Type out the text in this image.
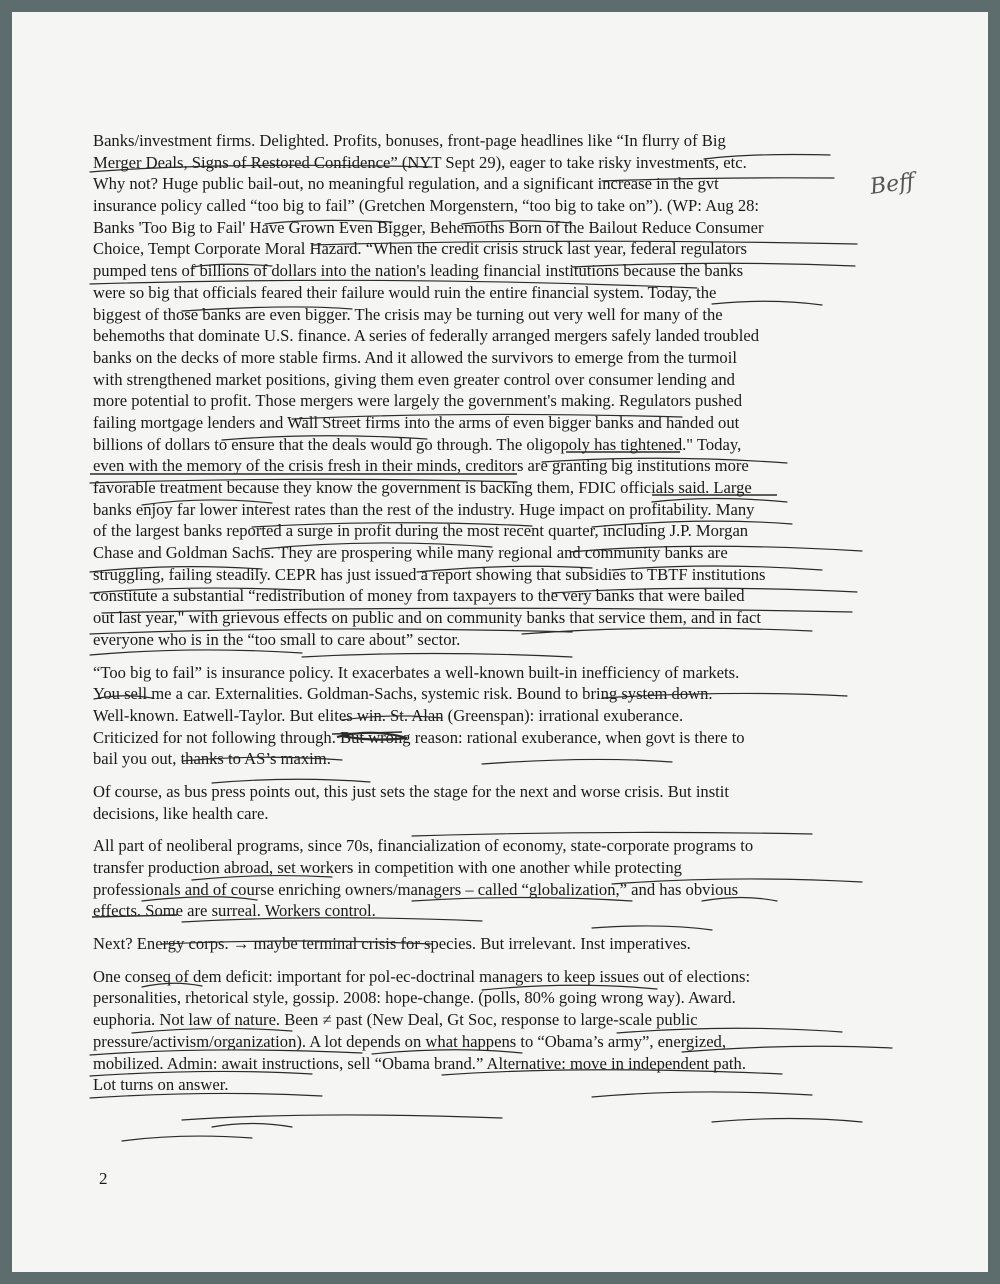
Banks/investment firms. Delighted. Profits, bonuses, front-page headlines like “In flurry of Big
Merger Deals, Signs of Restored Confidence” (NYT Sept 29), eager to take risky investments, etc.
Why not? Huge public bail-out, no meaningful regulation, and a significant increase in the gvt
insurance policy called “too big to fail” (Gretchen Morgenstern, “too big to take on”). (WP: Aug 28:
Banks 'Too Big to Fail' Have Grown Even Bigger, Behemoths Born of the Bailout Reduce Consumer
Choice, Tempt Corporate Moral Hazard. “When the credit crisis struck last year, federal regulators
pumped tens of billions of dollars into the nation's leading financial institutions because the banks
were so big that officials feared their failure would ruin the entire financial system. Today, the
biggest of those banks are even bigger. The crisis may be turning out very well for many of the
behemoths that dominate U.S. finance. A series of federally arranged mergers safely landed troubled
banks on the decks of more stable firms. And it allowed the survivors to emerge from the turmoil
with strengthened market positions, giving them even greater control over consumer lending and
more potential to profit. Those mergers were largely the government's making. Regulators pushed
failing mortgage lenders and Wall Street firms into the arms of even bigger banks and handed out
billions of dollars to ensure that the deals would go through. The oligopoly has tightened." Today,
even with the memory of the crisis fresh in their minds, creditors are granting big institutions more
favorable treatment because they know the government is backing them, FDIC officials said. Large
banks enjoy far lower interest rates than the rest of the industry. Huge impact on profitability. Many
of the largest banks reported a surge in profit during the most recent quarter, including J.P. Morgan
Chase and Goldman Sachs. They are prospering while many regional and community banks are
struggling, failing steadily. CEPR has just issued a report showing that subsidies to TBTF institutions
constitute a substantial “redistribution of money from taxpayers to the very banks that were bailed
out last year," with grievous effects on public and on community banks that service them, and in fact
everyone who is in the “too small to care about” sector.
“Too big to fail” is insurance policy. It exacerbates a well-known built-in inefficiency of markets.
You sell me a car. Externalities. Goldman-Sachs, systemic risk. Bound to bring system down.
Well-known. Eatwell-Taylor. But elites win. St. Alan (Greenspan): irrational exuberance.
Criticized for not following through. But wrong reason: rational exuberance, when govt is there to
bail you out, thanks to AS’s maxim.
Of course, as bus press points out, this just sets the stage for the next and worse crisis. But instit
decisions, like health care.
All part of neoliberal programs, since 70s, financialization of economy, state-corporate programs to
transfer production abroad, set workers in competition with one another while protecting
professionals and of course enriching owners/managers – called “globalization,” and has obvious
effects. Some are surreal. Workers control.
Next? Energy corps. → maybe terminal crisis for species. But irrelevant. Inst imperatives.
One conseq of dem deficit: important for pol-ec-doctrinal managers to keep issues out of elections:
personalities, rhetorical style, gossip. 2008: hope-change. (polls, 80% going wrong way). Award.
euphoria. Not law of nature. Been ≠ past (New Deal, Gt Soc, response to large-scale public
pressure/activism/organization). A lot depends on what happens to “Obama’s army”, energized,
mobilized. Admin: await instructions, sell “Obama brand.” Alternative: move in independent path.
Lot turns on answer.
Beff
2
